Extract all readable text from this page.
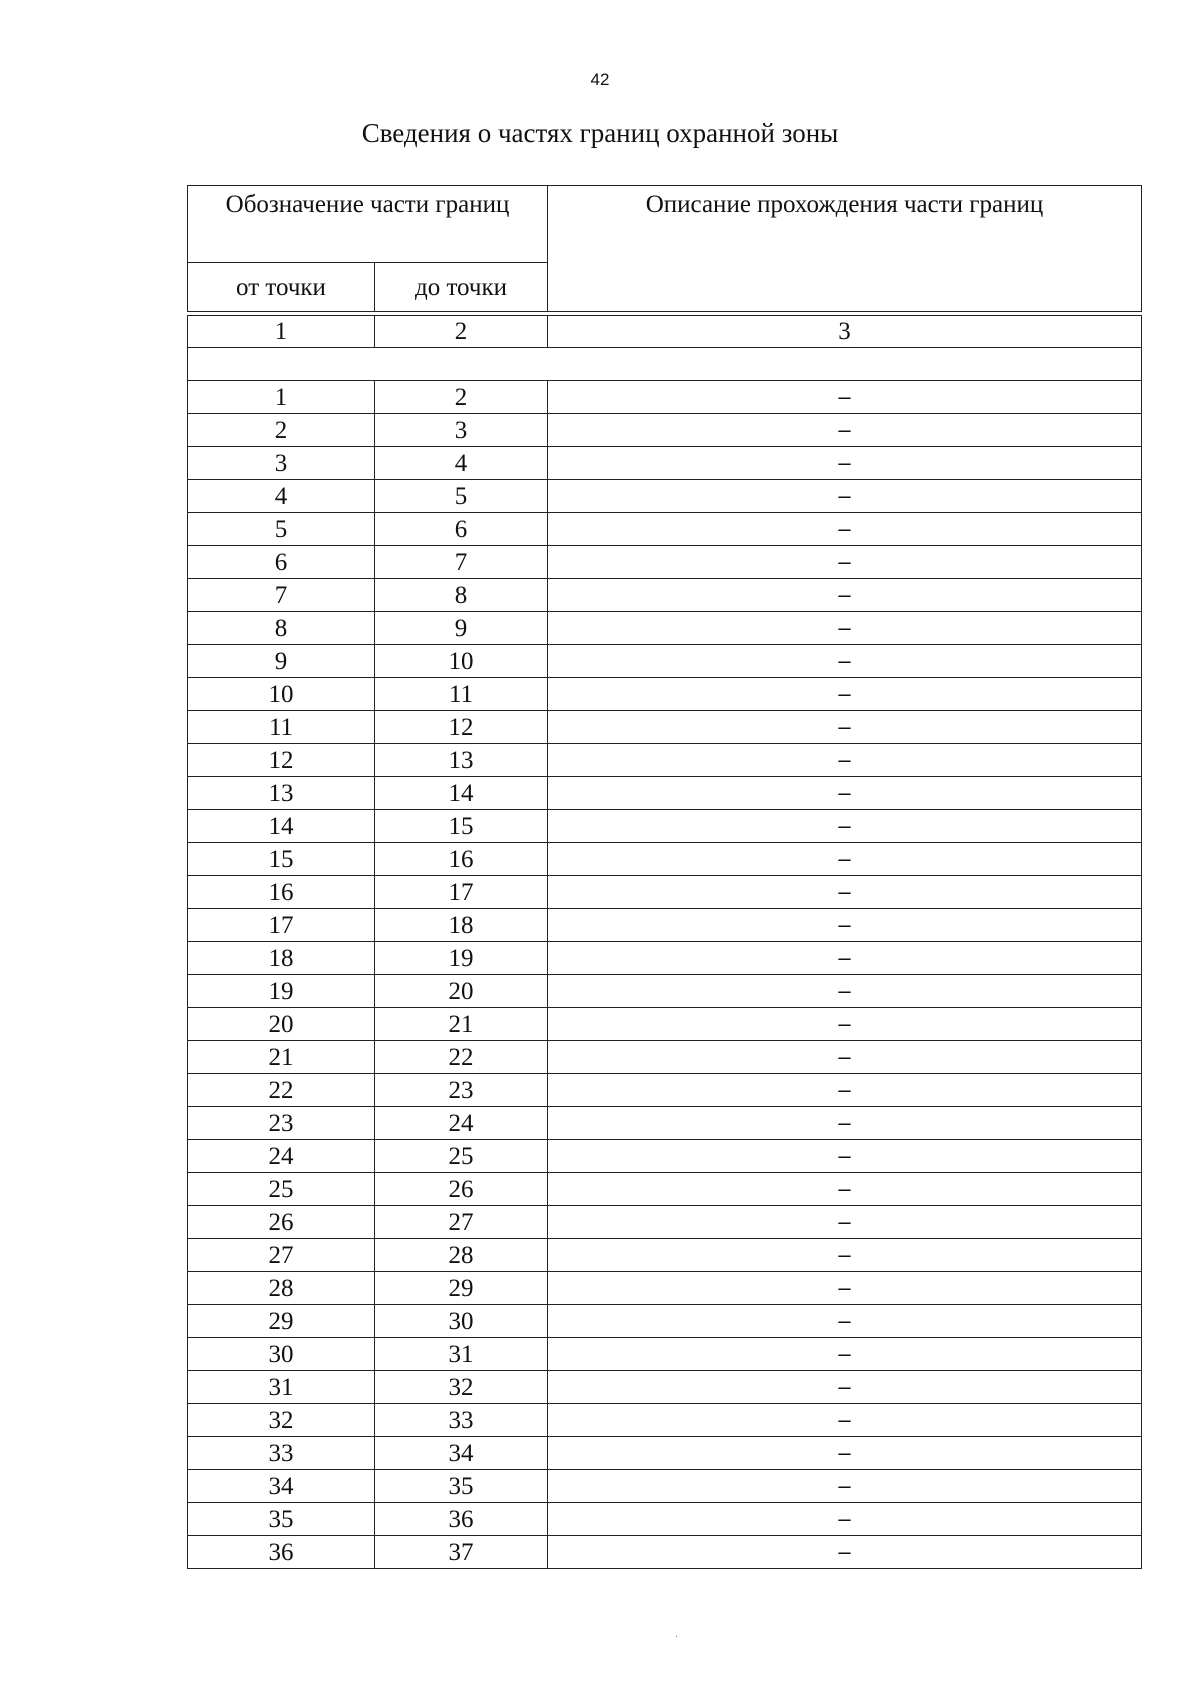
42
Сведения о частях границ охранной зоны
Обозначение части границ		Описание прохождения части границ
от точки	до точки	

1	2	3

1	2	–
2	3	–
3	4	–
4	5	–
5	6	–
6	7	–
7	8	–
8	9	–
9	10	–
10	11	–
11	12	–
12	13	–
13	14	–
14	15	–
15	16	–
16	17	–
17	18	–
18	19	–
19	20	–
20	21	–
21	22	–
22	23	–
23	24	–
24	25	–
25	26	–
26	27	–
27	28	–
28	29	–
29	30	–
30	31	–
31	32	–
32	33	–
33	34	–
34	35	–
35	36	–
36	37	–
·
